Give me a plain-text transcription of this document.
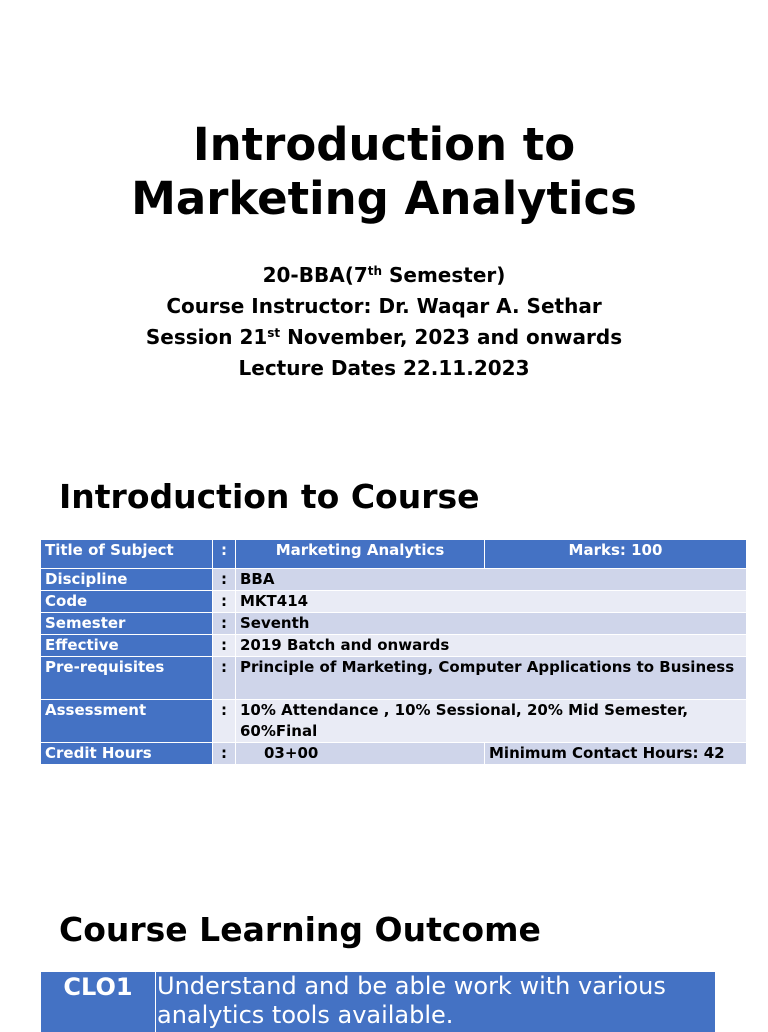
Introduction to
Marketing Analytics
20-BBA(7th Semester)
Course Instructor: Dr. Waqar A. Sethar
Session 21st November, 2023 and onwards
Lecture Dates 22.11.2023
Introduction to Course
Title of Subject	:	Marketing Analytics	Marks: 100
Discipline	:	BBA	
Code	:	MKT414	
Semester	:	Seventh	
Effective	:	2019 Batch and onwards	
Pre-requisites	:	Principle of Marketing, Computer Applications to Business	
Assessment	:	10% Attendance , 10% Sessional, 20% Mid Semester, 60%Final	
Credit Hours	:	03+00	Minimum Contact Hours: 42
Course Learning Outcome
CLO1	Understand and be able work with various analytics tools available.
